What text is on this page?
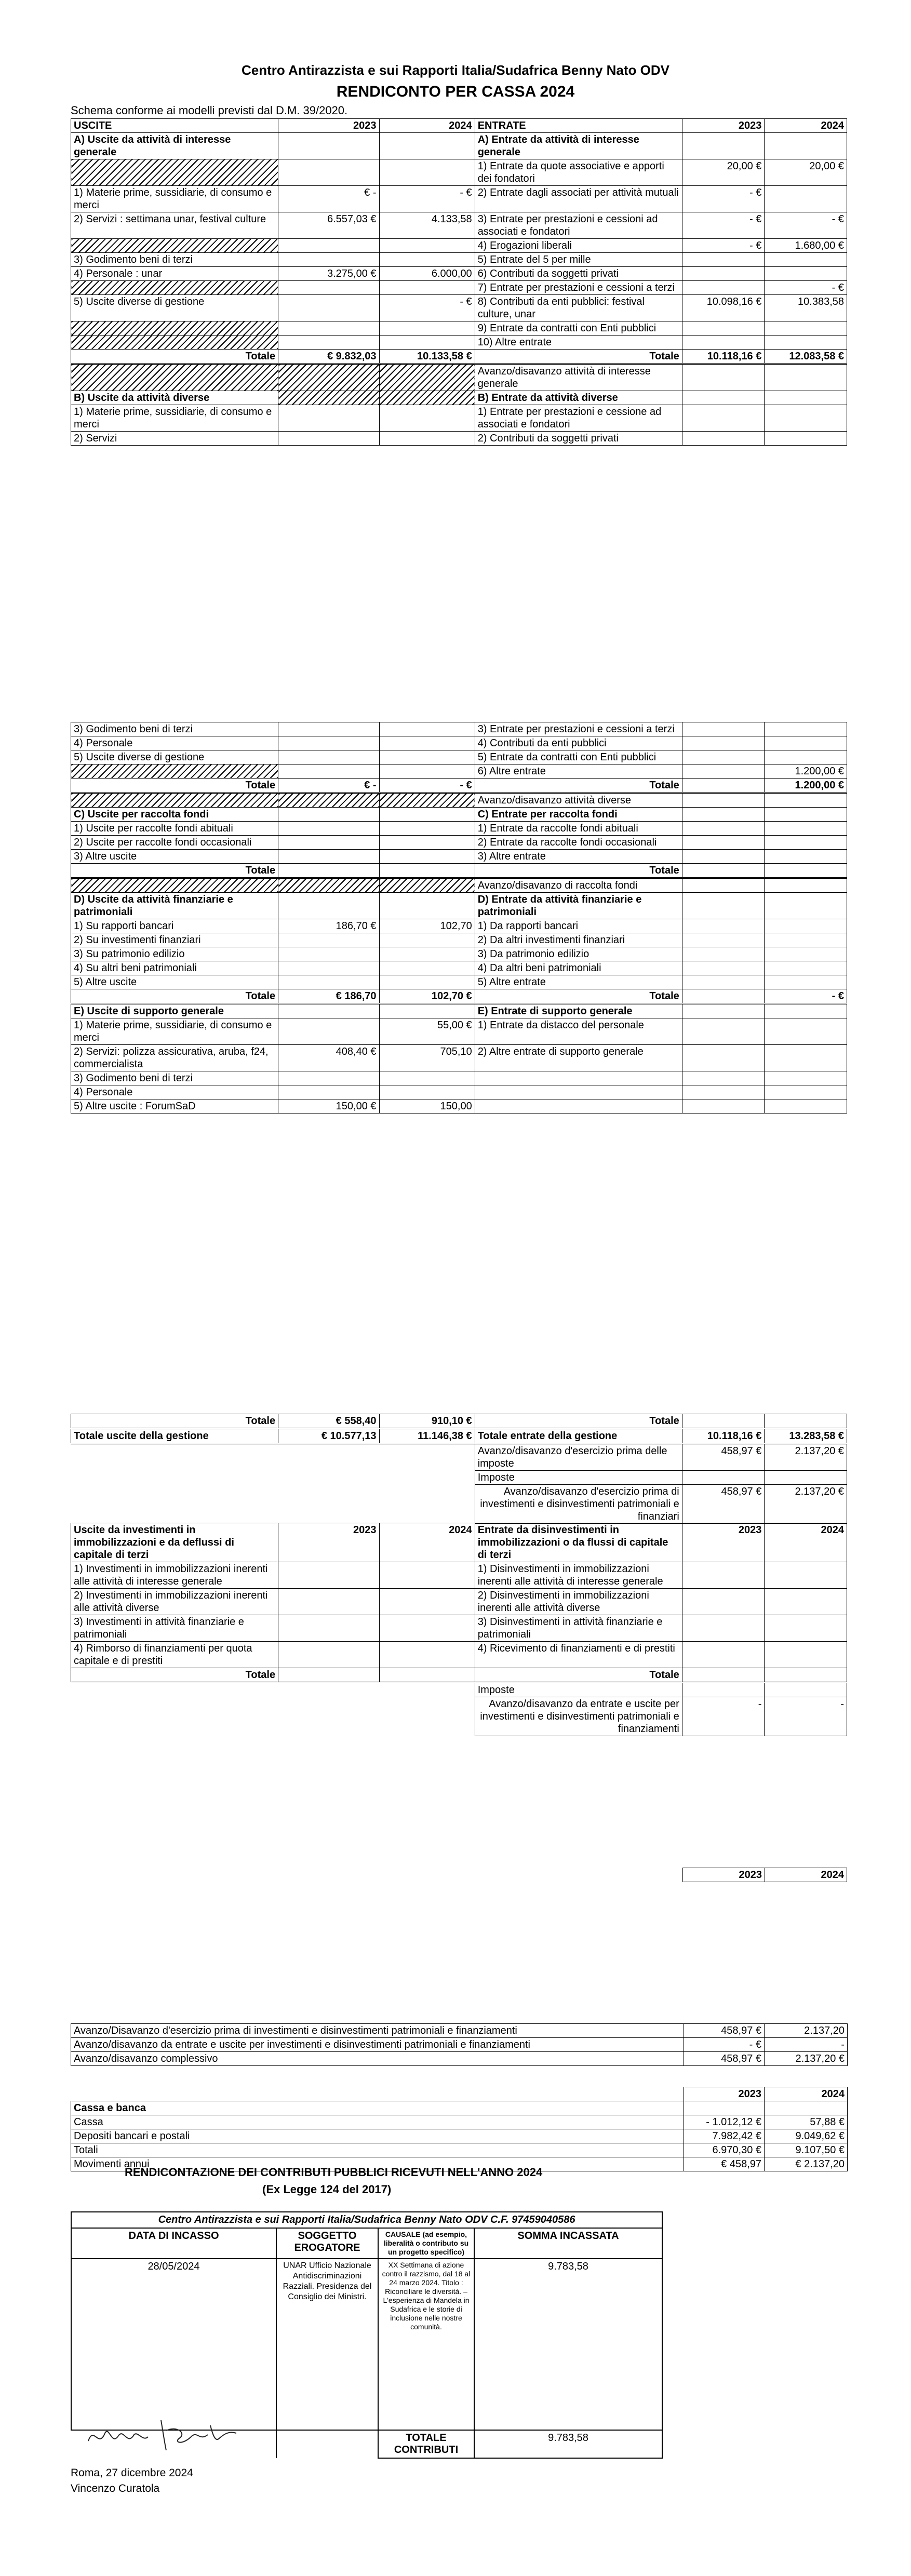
Centro Antirazzista e sui Rapporti Italia/Sudafrica Benny Nato ODV
RENDICONTO PER CASSA 2024
Schema conforme ai modelli previsti dal D.M. 39/2020.
USCITE	2023	2024	ENTRATE	2023	2024
A) Uscite da attività di interesse generale			A) Entrate da attività di interesse generale		
			1) Entrate da quote associative e apporti dei fondatori	20,00 €	20,00 €
1) Materie prime, sussidiarie, di consumo e merci	€ -	- €	2) Entrate dagli associati per attività mutuali	- €	
2) Servizi : settimana unar, festival culture	6.557,03 €	4.133,58	3) Entrate per prestazioni e cessioni ad associati e fondatori	- €	- €
			4) Erogazioni liberali	- €	1.680,00 €
3) Godimento beni di terzi			5) Entrate del 5 per mille		
4) Personale : unar	3.275,00 €	6.000,00	6) Contributi da soggetti privati		
			7) Entrate per prestazioni e cessioni a terzi		- €
5) Uscite diverse di gestione		- €	8) Contributi da enti pubblici: festival culture, unar	10.098,16 €	10.383,58
			9) Entrate da contratti con Enti pubblici		
			10) Altre entrate		
Totale	€ 9.832,03	10.133,58 €	Totale	10.118,16 €	12.083,58 €
			Avanzo/disavanzo attività di interesse generale		
B) Uscite da attività diverse			B) Entrate da attività diverse		
1) Materie prime, sussidiarie, di consumo e merci			1) Entrate per prestazioni e cessione ad associati e fondatori		
2) Servizi			2) Contributi da soggetti privati		
3) Godimento beni di terzi			3) Entrate per prestazioni e cessioni a terzi		
4) Personale			4) Contributi da enti pubblici		
5) Uscite diverse di gestione			5) Entrate da contratti con Enti pubblici		
			6) Altre entrate		1.200,00 €
Totale	€ -	- €	Totale		1.200,00 €
			Avanzo/disavanzo attività diverse		
C) Uscite per raccolta fondi			C) Entrate per raccolta fondi		
1) Uscite per raccolte fondi abituali			1) Entrate da raccolte fondi abituali		
2) Uscite per raccolte fondi occasionali			2) Entrate da raccolte fondi occasionali		
3) Altre uscite			3) Altre entrate		
Totale			Totale		
			Avanzo/disavanzo di raccolta fondi		
D) Uscite da attività finanziarie e patrimoniali			D) Entrate da attività finanziarie e patrimoniali		
1) Su rapporti bancari	186,70 €	102,70	1) Da rapporti bancari		
2) Su investimenti finanziari			2) Da altri investimenti finanziari		
3) Su patrimonio edilizio			3) Da patrimonio edilizio		
4) Su altri beni patrimoniali			4) Da altri beni patrimoniali		
5) Altre uscite			5) Altre entrate		
Totale	€ 186,70	102,70 €	Totale		- €
E) Uscite di supporto generale			E) Entrate di supporto generale		
1) Materie prime, sussidiarie, di consumo e merci		55,00 €	1) Entrate da distacco del personale		
2) Servizi: polizza assicurativa, aruba, f24, commercialista	408,40 €	705,10	2) Altre entrate di supporto generale		
3) Godimento beni di terzi					
4) Personale					
5) Altre uscite : ForumSaD	150,00 €	150,00			
Totale	€ 558,40	910,10 €	Totale		
Totale uscite della gestione	€ 10.577,13	11.146,38 €	Totale entrate della gestione	10.118,16 €	13.283,58 €
			Avanzo/disavanzo d'esercizio prima delle imposte	458,97 €	2.137,20 €
			Imposte		
			Avanzo/disavanzo d'esercizio prima di investimenti e disinvestimenti patrimoniali e finanziari	458,97 €	2.137,20 €
Uscite da investimenti in immobilizzazioni e da deflussi di capitale di terzi	2023	2024	Entrate da disinvestimenti in immobilizzazioni o da flussi di capitale di terzi	2023	2024
1) Investimenti in immobilizzazioni inerenti alle attività di interesse generale			1) Disinvestimenti in immobilizzazioni inerenti alle attività di interesse generale		
2) Investimenti in immobilizzazioni inerenti alle attività diverse			2) Disinvestimenti in immobilizzazioni inerenti alle attività diverse		
3) Investimenti in attività finanziarie e patrimoniali			3) Disinvestimenti in attività finanziarie e patrimoniali		
4) Rimborso di finanziamenti per quota capitale e di prestiti			4) Ricevimento di finanziamenti e di prestiti		
Totale			Totale		
			Imposte		
			Avanzo/disavanzo da entrate e uscite per investimenti e disinvestimenti patrimoniali e finanziamenti	-	-
2023	2024
Avanzo/Disavanzo d'esercizio prima di investimenti e disinvestimenti patrimoniali e finanziamenti	458,97 €	2.137,20
Avanzo/disavanzo da entrate e uscite per investimenti e disinvestimenti patrimoniali e finanziamenti	- €	-
Avanzo/disavanzo complessivo	458,97 €	2.137,20 €
	2023	2024
Cassa e banca		
Cassa	- 1.012,12 €	57,88 €
Depositi bancari e postali	7.982,42 €	9.049,62 €
Totali	6.970,30 €	9.107,50 €
Movimenti annui	€ 458,97	€ 2.137,20
RENDICONTAZIONE DEI CONTRIBUTI PUBBLICI RICEVUTI NELL'ANNO 2024
(Ex Legge 124 del 2017)
Centro Antirazzista e sui Rapporti Italia/Sudafrica Benny Nato ODV C.F. 97459040586			
DATA DI INCASSO	SOGGETTO EROGATORE	CAUSALE (ad esempio, liberalità o contributo su un progetto specifico)	SOMMA INCASSATA
28/05/2024	UNAR Ufficio Nazionale Antidiscriminazioni Razziali. Presidenza del Consiglio dei Ministri.	XX Settimana di azione contro il razzismo, dal 18 al 24 marzo 2024. Titolo : Riconciliare le diversità. – L'esperienza di Mandela in Sudafrica e le storie di inclusione nelle nostre comunità.	9.783,58
		TOTALE CONTRIBUTI	9.783,58
Roma, 27 dicembre 2024
Vincenzo Curatola
